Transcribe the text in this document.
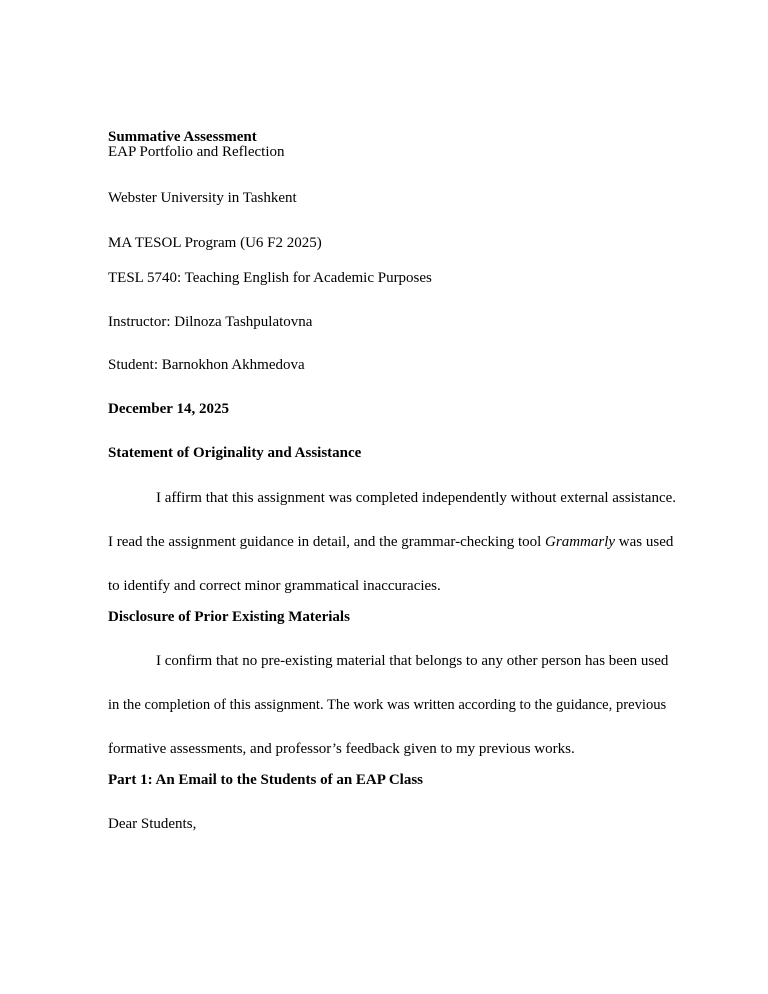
Summative Assessment
EAP Portfolio and Reflection
Webster University in Tashkent
MA TESOL Program (U6 F2 2025)
TESL 5740: Teaching English for Academic Purposes
Instructor: Dilnoza Tashpulatovna
Student: Barnokhon Akhmedova
December 14, 2025
Statement of Originality and Assistance
I affirm that this assignment was completed independently without external assistance.
I read the assignment guidance in detail, and the grammar-checking tool Grammarly was used
to identify and correct minor grammatical inaccuracies.
Disclosure of Prior Existing Materials
I confirm that no pre-existing material that belongs to any other person has been used
in the completion of this assignment. The work was written according to the guidance, previous
formative assessments, and professor’s feedback given to my previous works.
Part 1: An Email to the Students of an EAP Class
Dear Students,
